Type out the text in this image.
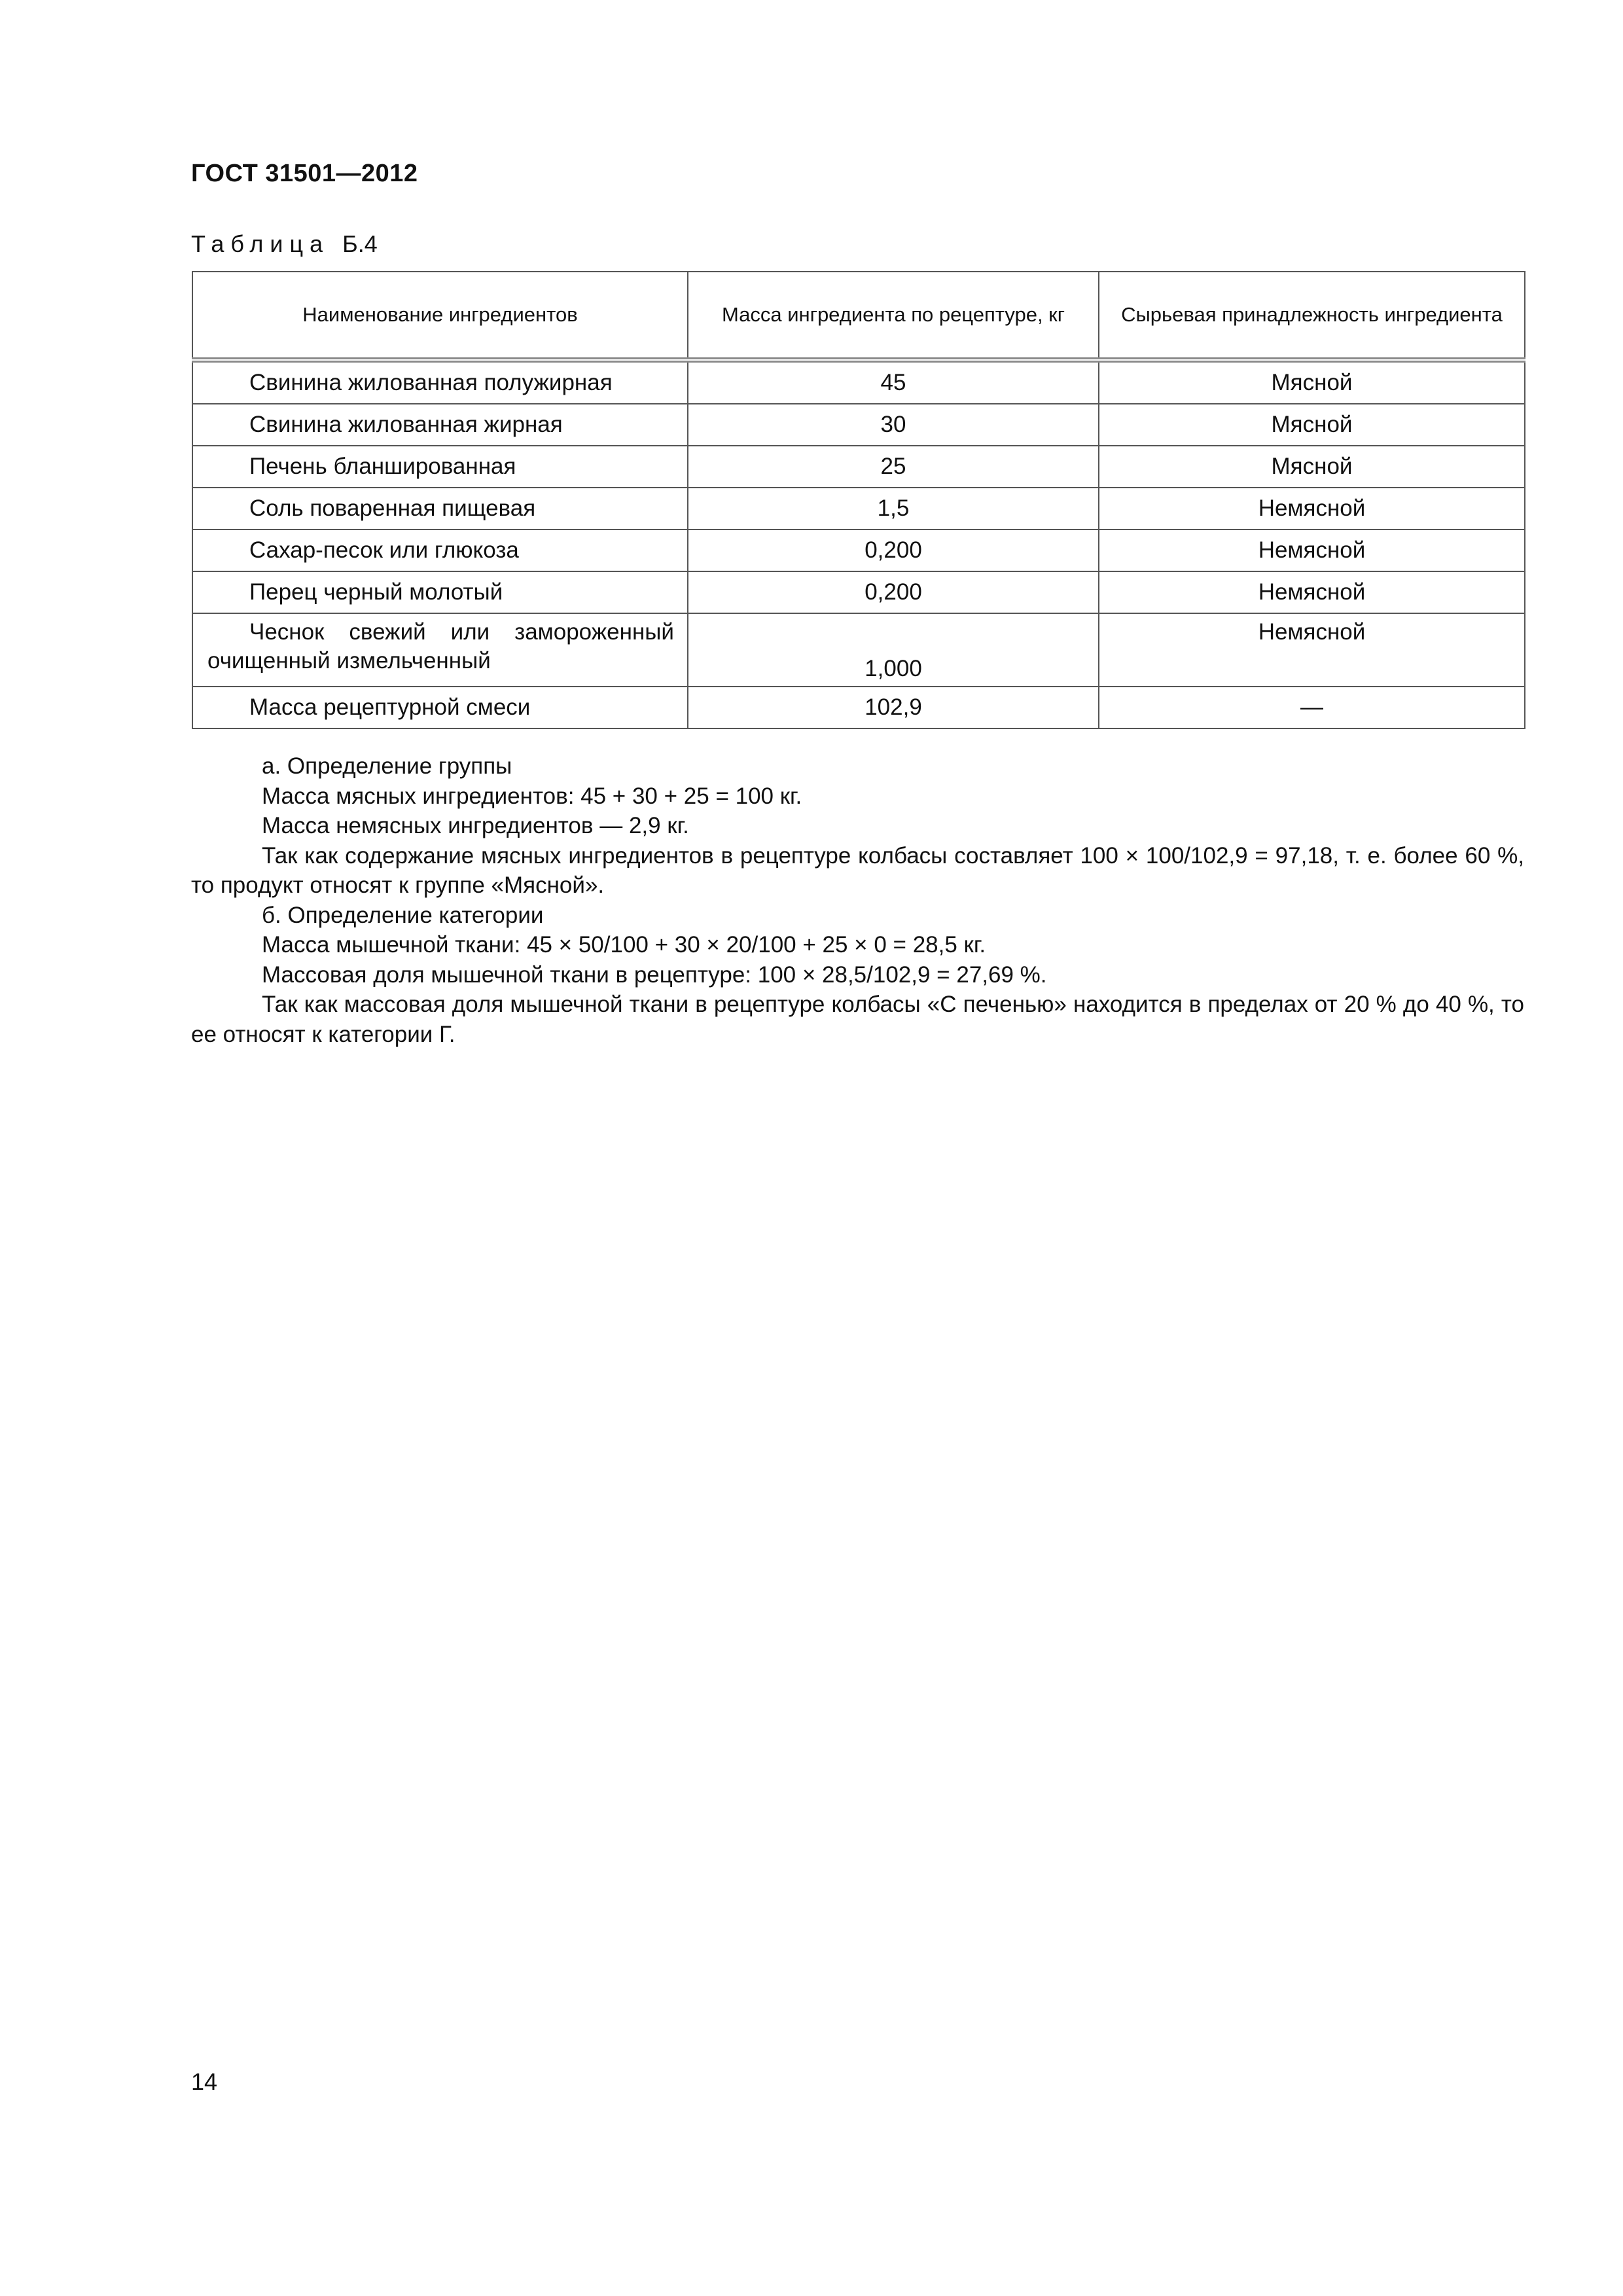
ГОСТ 31501—2012
Таблица Б.4
Наименование ингредиентов	Масса ингредиента по рецептуре, кг	Сырьевая принадлежность ингредиента
Свинина жилованная полужирная	45	Мясной
Свинина жилованная жирная	30	Мясной
Печень бланшированная	25	Мясной
Соль поваренная пищевая	1,5	Немясной
Сахар-песок или глюкоза	0,200	Немясной
Перец черный молотый	0,200	Немясной
Чеснок свежий или замороженный очищенный измельченный	1,000	Немясной
Масса рецептурной смеси	102,9	—

а. Определение группы

Масса мясных ингредиентов: 45 + 30 + 25 = 100 кг.

Масса немясных ингредиентов — 2,9 кг.

Так как содержание мясных ингредиентов в рецептуре колбасы составляет 100 × 100/102,9 = 97,18, т. е. более 60 %, то продукт относят к группе «Мясной».

б. Определение категории

Масса мышечной ткани: 45 × 50/100 + 30 × 20/100 + 25 × 0 = 28,5 кг.

Массовая доля мышечной ткани в рецептуре: 100 × 28,5/102,9 = 27,69 %.

Так как массовая доля мышечной ткани в рецептуре колбасы «С печенью» находится в пределах от 20 % до 40 %, то ее относят к категории Г.

14
